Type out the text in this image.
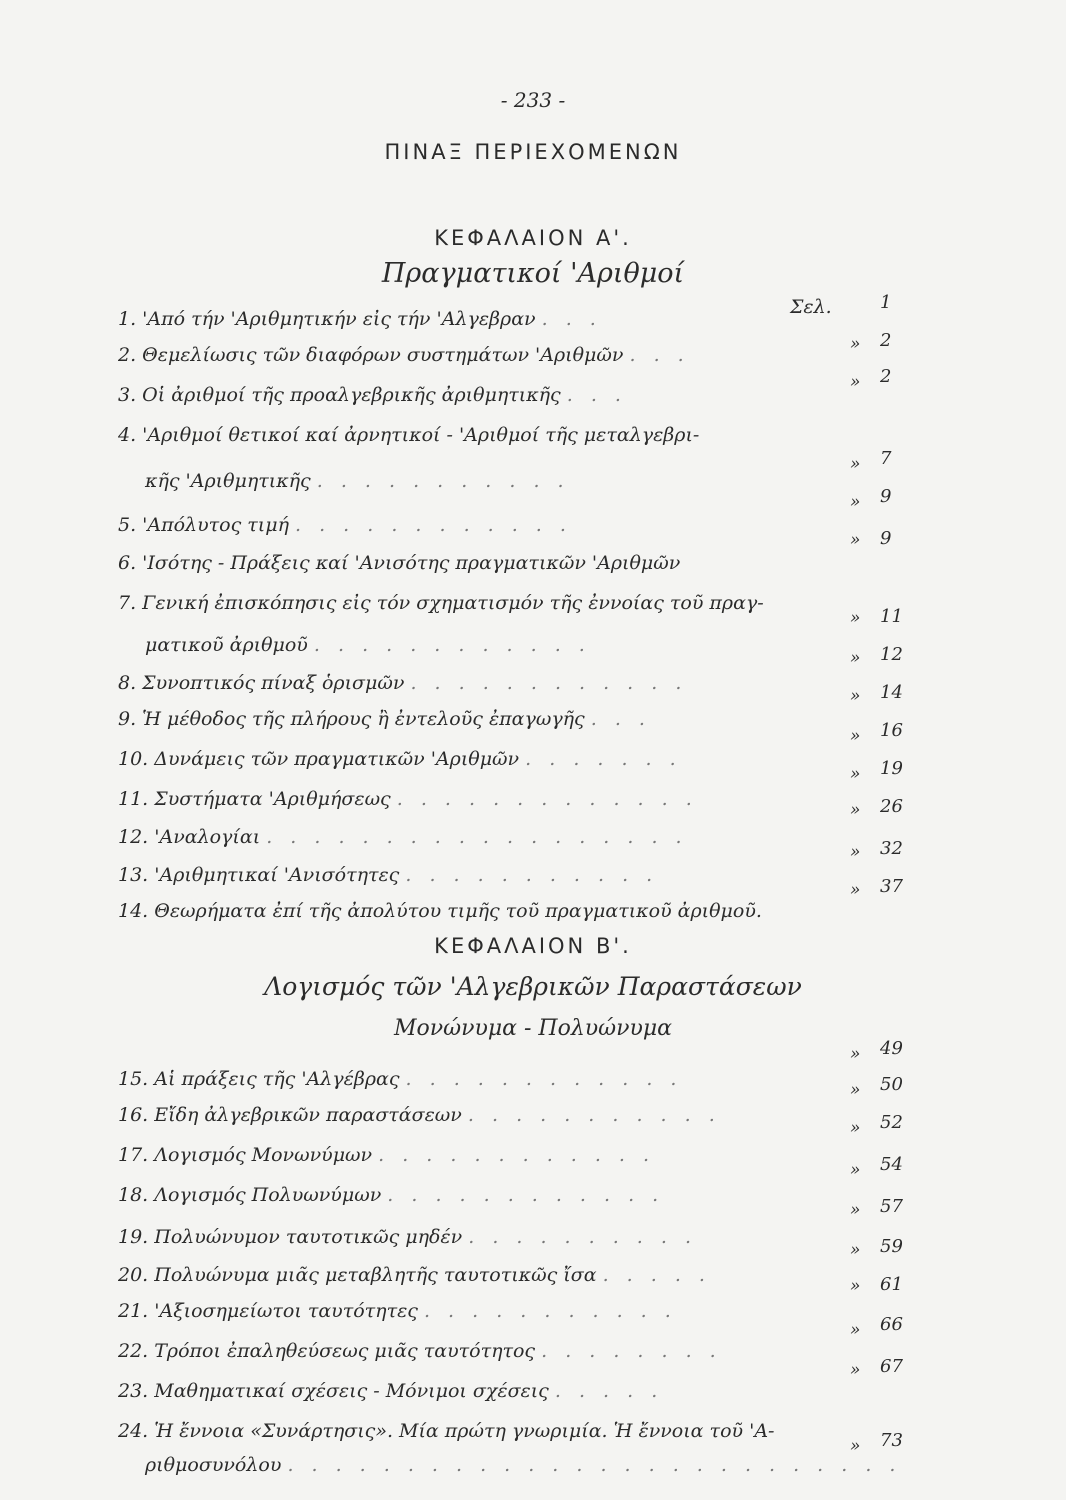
- 233 -
ΠΙΝΑΞ ΠΕΡΙΕΧΟΜΕΝΩΝ
ΚΕΦΑΛΑΙΟΝ Α'.
Πραγματικοί 'Αριθμοί
Σελ.
1. 'Από τήν 'Αριθμητικήν εἰς τήν 'Αλγεβραν . . .
1
2. Θεμελίωσις τῶν διαφόρων συστημάτων 'Αριθμῶν . . .	» 2
3. Οἱ ἀριθμοί τῆς προαλγεβρικῆς ἀριθμητικῆς . . .
» 2
4. 'Αριθμοί θετικοί καί ἀρνητικοί - 'Αριθμοί τῆς μεταλγεβρι-
κῆς 'Αριθμητικῆς . . . . . . . . . . .
» 7
5. 'Απόλυτος τιμή . . . . . . . . . . . .
» 9
6. 'Ισότης - Πράξεις καί 'Ανισότης πραγματικῶν 'Αριθμῶν
» 9
7. Γενική ἐπισκόπησις εἰς τόν σχηματισμόν τῆς ἐννοίας τοῦ πραγ-
ματικοῦ ἀριθμοῦ . . . . . . . . . . . .
» 11
8. Συνοπτικός πίναξ ὁρισμῶν . . . . . . . . . . . .
» 12
9. Ἡ μέθοδος τῆς πλήρους ἢ ἐντελοῦς ἐπαγωγῆς . . .
» 14
10. Δυνάμεις τῶν πραγματικῶν 'Αριθμῶν . . . . . . .
» 16
11. Συστήματα 'Αριθμήσεως . . . . . . . . . . . . .
» 19
12. 'Αναλογίαι . . . . . . . . . . . . . . . . . .
» 26
13. 'Αριθμητικαί 'Ανισότητες . . . . . . . . . . .
» 32
14. Θεωρήματα ἐπί τῆς ἀπολύτου τιμῆς τοῦ πραγματικοῦ ἀριθμοῦ.
» 37
ΚΕΦΑΛΑΙΟΝ Β'.
Λογισμός τῶν 'Αλγεβρικῶν Παραστάσεων
Μονώνυμα - Πολυώνυμα
15. Αἱ πράξεις τῆς 'Αλγέβρας . . . . . . . . . . . .
» 49
16. Εἴδη ἀλγεβρικῶν παραστάσεων . . . . . . . . . . .
» 50
17. Λογισμός Μονωνύμων . . . . . . . . . . . .
» 52
18. Λογισμός Πολυωνύμων . . . . . . . . . . . .
» 54
19. Πολυώνυμον ταυτοτικῶς μηδέν . . . . . . . . . .
» 57
20. Πολυώνυμα μιᾶς μεταβλητῆς ταυτοτικῶς ἴσα . . . . .
» 59
21. 'Αξιοσημείωτοι ταυτότητες . . . . . . . . . . .
» 61
22. Τρόποι ἐπαληθεύσεως μιᾶς ταυτότητος . . . . . . . .
» 66
23. Μαθηματικαί σχέσεις - Μόνιμοι σχέσεις . . . . .
» 67
24. Ἡ ἔννοια «Συνάρτησις». Μία πρώτη γνωριμία. Ἡ ἔννοια τοῦ 'Α-
ριθμοσυνόλου . . . . . . . . . . . . . . . . . . . . . . . . . .
» 73
